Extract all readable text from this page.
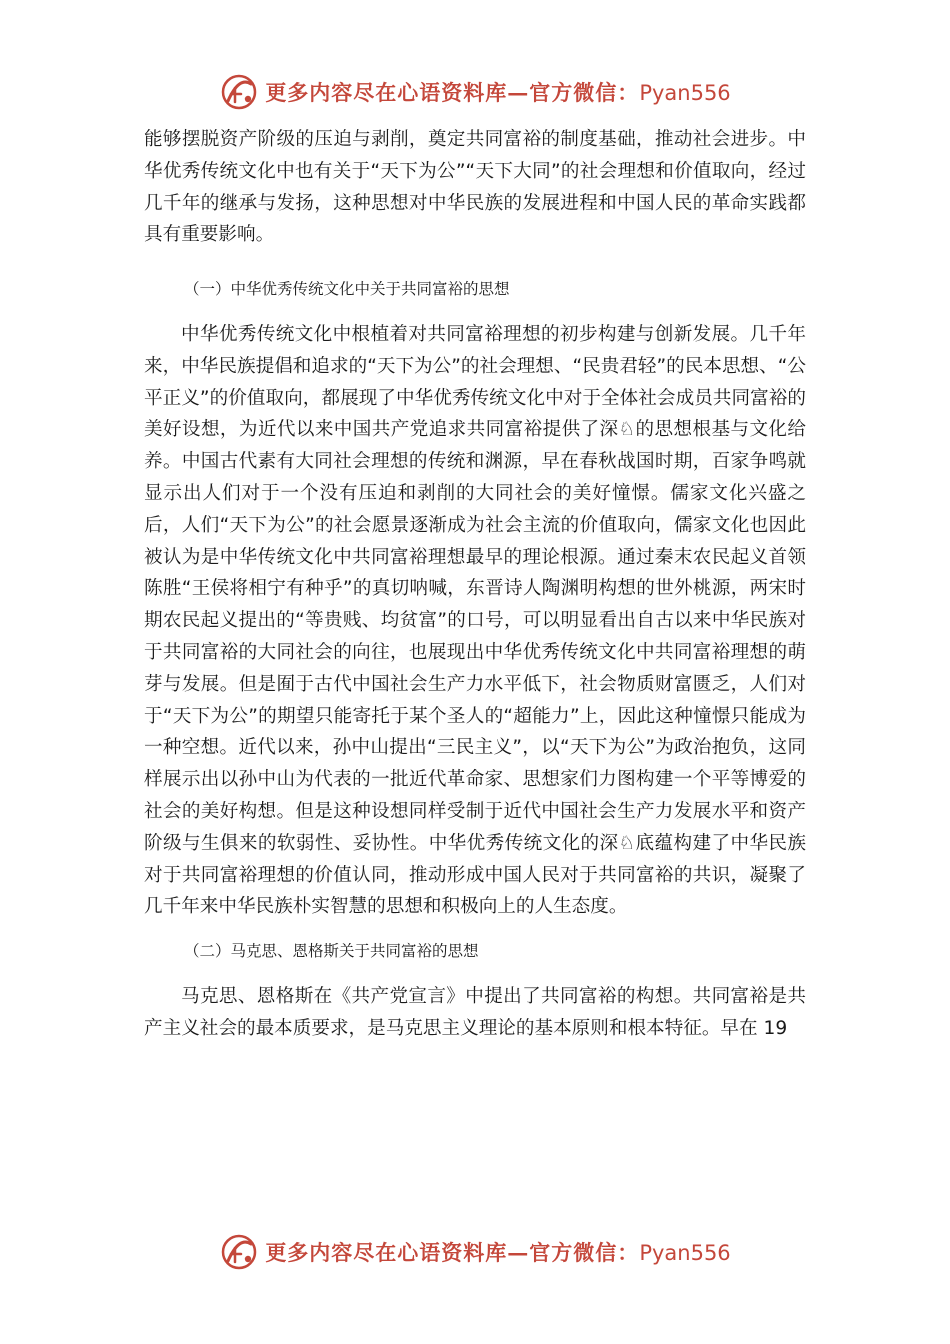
更多内容尽在心语资料库—官方微信：Pyan556

能够摆脱资产阶级的压迫与剥削，奠定共同富裕的制度基础，推动社会进步。中华优秀传统文化中也有关于“天下为公”“天下大同”的社会理想和价值取向，经过几千年的继承与发扬，这种思想对中华民族的发展进程和中国人民的革命实践都具有重要影响。

（一）中华优秀传统文化中关于共同富裕的思想

中华优秀传统文化中根植着对共同富裕理想的初步构建与创新发展。几千年来，中华民族提倡和追求的“天下为公”的社会理想、“民贵君轻”的民本思想、“公平正义”的价值取向，都展现了中华优秀传统文化中对于全体社会成员共同富裕的美好设想，为近代以来中国共产党追求共同富裕提供了深♘的思想根基与文化给养。中国古代素有大同社会理想的传统和渊源，早在春秋战国时期，百家争鸣就显示出人们对于一个没有压迫和剥削的大同社会的美好憧憬。儒家文化兴盛之后，人们“天下为公”的社会愿景逐渐成为社会主流的价值取向，儒家文化也因此被认为是中华传统文化中共同富裕理想最早的理论根源。通过秦末农民起义首领陈胜“王侯将相宁有种乎”的真切呐喊，东晋诗人陶渊明构想的世外桃源，两宋时期农民起义提出的“等贵贱、均贫富”的口号，可以明显看出自古以来中华民族对于共同富裕的大同社会的向往，也展现出中华优秀传统文化中共同富裕理想的萌芽与发展。但是囿于古代中国社会生产力水平低下，社会物质财富匮乏，人们对于“天下为公”的期望只能寄托于某个圣人的“超能力”上，因此这种憧憬只能成为一种空想。近代以来，孙中山提出“三民主义”，以“天下为公”为政治抱负，这同样展示出以孙中山为代表的一批近代革命家、思想家们力图构建一个平等博爱的社会的美好构想。但是这种设想同样受制于近代中国社会生产力发展水平和资产阶级与生俱来的软弱性、妥协性。中华优秀传统文化的深♘底蕴构建了中华民族对于共同富裕理想的价值认同，推动形成中国人民对于共同富裕的共识，凝聚了几千年来中华民族朴实智慧的思想和积极向上的人生态度。

（二）马克思、恩格斯关于共同富裕的思想

马克思、恩格斯在《共产党宣言》中提出了共同富裕的构想。共同富裕是共产主义社会的最本质要求，是马克思主义理论的基本原则和根本特征。早在 19

更多内容尽在心语资料库—官方微信：Pyan556
